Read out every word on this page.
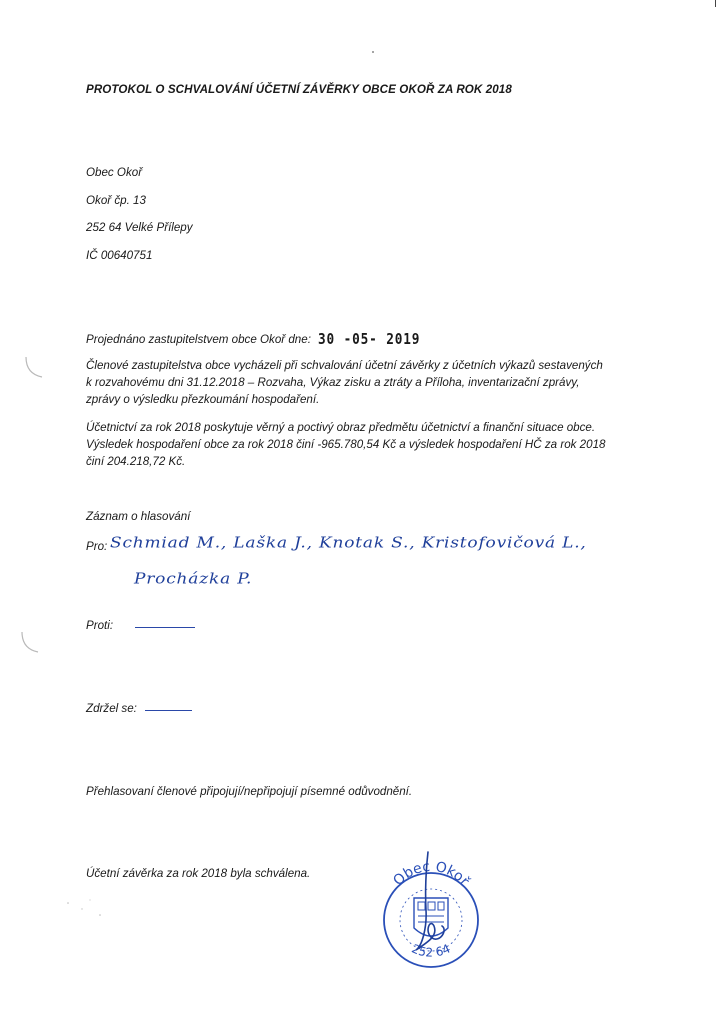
PROTOKOL O SCHVALOVÁNÍ ÚČETNÍ ZÁVĚRKY OBCE OKOŘ ZA ROK 2018
Obec Okoř
Okoř čp. 13
252 64 Velké Přílepy
IČ 00640751
Projednáno zastupitelstvem obce Okoř dne: 30 -05- 2019
Členové zastupitelstva obce vycházeli při schvalování účetní závěrky z účetních výkazů sestavených
k rozvahovému dni 31.12.2018 – Rozvaha, Výkaz zisku a ztráty a Příloha, inventarizační zprávy,
zprávy o výsledku přezkoumání hospodaření.
Účetnictví za rok 2018 poskytuje věrný a poctivý obraz předmětu účetnictví a finanční situace obce.
Výsledek hospodaření obce za rok 2018 činí -965.780,54 Kč a výsledek hospodaření HČ za rok 2018
činí 204.218,72 Kč.
Záznam o hlasování
Pro: Schmiad M., Laška J., Knotak S., Kristofovičová L.,
Procházka P.
Proti:
Zdržel se:
Přehlasovaní členové připojují/nepřipojují písemné odůvodnění.
Účetní závěrka za rok 2018 byla schválena.	Obec Okoř
252 64
